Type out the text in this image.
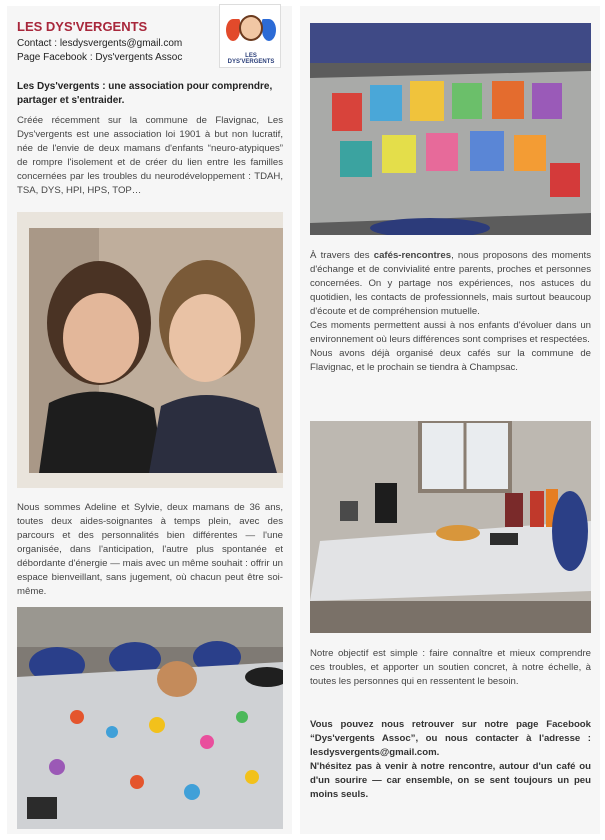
LES DYS'VERGENTS
Contact : lesdysvergents@gmail.com
Page Facebook : Dys'vergents Assoc	LES DYS'VERGENTS
Les Dys'vergents : une association pour comprendre, partager et s'entraider.
Créée récemment sur la commune de Flavignac, Les Dys'vergents est une association loi 1901 à but non lucratif, née de l'envie de deux mamans d'enfants “neuro-atypiques” de rompre l'isolement et de créer du lien entre les familles concernées par les troubles du neurodéveloppement : TDAH, TSA, DYS, HPI, HPS, TOP…
Nous sommes Adeline et Sylvie, deux mamans de 36 ans, toutes deux aides-soignantes à temps plein, avec des parcours et des personnalités bien différentes — l'une organisée, dans l'anticipation, l'autre plus spontanée et débordante d'énergie — mais avec un même souhait : offrir un espace bienveillant, sans jugement, où chacun peut être soi-même.

À travers des cafés-rencontres, nous proposons des moments d'échange et de convivialité entre parents, proches et personnes concernées. On y partage nos expériences, nos astuces du quotidien, les contacts de professionnels, mais surtout beaucoup d'écoute et de compréhension mutuelle.

Ces moments permettent aussi à nos enfants d'évoluer dans un environnement où leurs différences sont comprises et respectées.

Nous avons déjà organisé deux cafés sur la commune de Flavignac, et le prochain se tiendra à Champsac.

Notre objectif est simple : faire connaître et mieux comprendre ces troubles, et apporter un soutien concret, à notre échelle, à toutes les personnes qui en ressentent le besoin.

Vous pouvez nous retrouver sur notre page Facebook “Dys'vergents Assoc”, ou nous contacter à l'adresse : lesdysvergents@gmail.com.

N'hésitez pas à venir à notre rencontre, autour d'un café ou d'un sourire — car ensemble, on se sent toujours un peu moins seuls.
